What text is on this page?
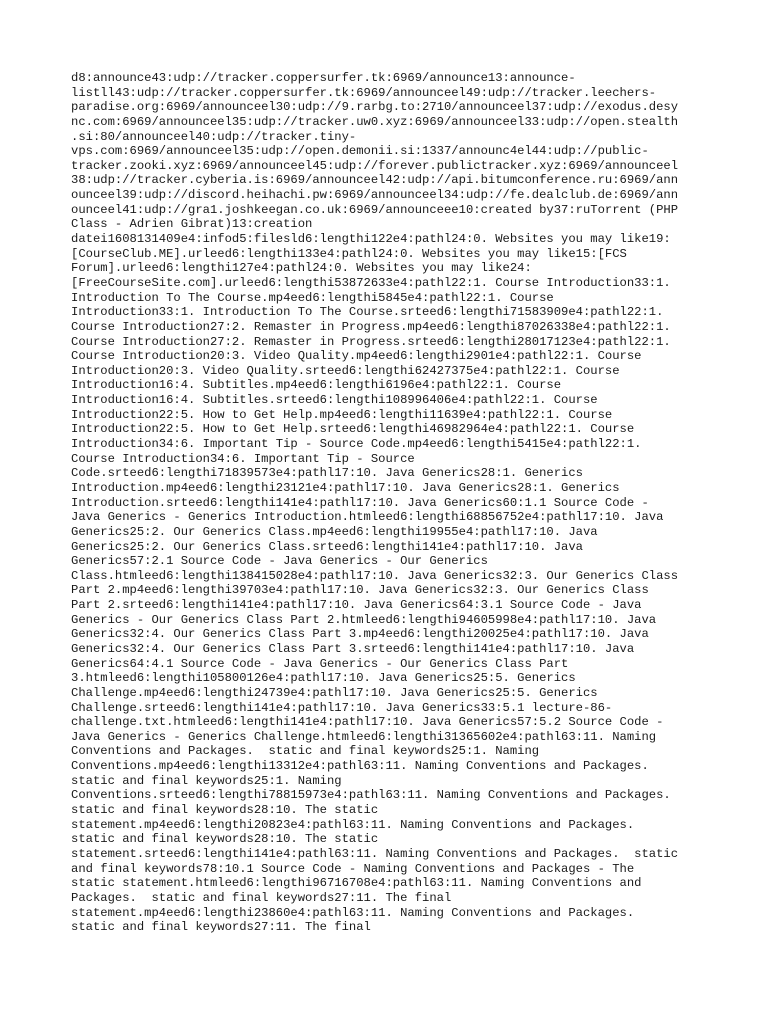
d8:announce43:udp://tracker.coppersurfer.tk:6969/announce13:announce-
listll43:udp://tracker.coppersurfer.tk:6969/announceel49:udp://tracker.leechers-
paradise.org:6969/announceel30:udp://9.rarbg.to:2710/announceel37:udp://exodus.desy
nc.com:6969/announceel35:udp://tracker.uw0.xyz:6969/announceel33:udp://open.stealth
.si:80/announceel40:udp://tracker.tiny-
vps.com:6969/announceel35:udp://open.demonii.si:1337/announc4el44:udp://public-
tracker.zooki.xyz:6969/announceel45:udp://forever.publictracker.xyz:6969/announceel
38:udp://tracker.cyberia.is:6969/announceel42:udp://api.bitumconference.ru:6969/ann
ounceel39:udp://discord.heihachi.pw:6969/announceel34:udp://fe.dealclub.de:6969/ann
ounceel41:udp://gra1.joshkeegan.co.uk:6969/announceee10:created by37:ruTorrent (PHP
Class - Adrien Gibrat)13:creation
datei1608131409e4:infod5:filesld6:lengthi122e4:pathl24:0. Websites you may like19:
[CourseClub.ME].urleed6:lengthi133e4:pathl24:0. Websites you may like15:[FCS
Forum].urleed6:lengthi127e4:pathl24:0. Websites you may like24:
[FreeCourseSite.com].urleed6:lengthi53872633e4:pathl22:1. Course Introduction33:1.
Introduction To The Course.mp4eed6:lengthi5845e4:pathl22:1. Course
Introduction33:1. Introduction To The Course.srteed6:lengthi71583909e4:pathl22:1.
Course Introduction27:2. Remaster in Progress.mp4eed6:lengthi87026338e4:pathl22:1.
Course Introduction27:2. Remaster in Progress.srteed6:lengthi28017123e4:pathl22:1.
Course Introduction20:3. Video Quality.mp4eed6:lengthi2901e4:pathl22:1. Course
Introduction20:3. Video Quality.srteed6:lengthi62427375e4:pathl22:1. Course
Introduction16:4. Subtitles.mp4eed6:lengthi6196e4:pathl22:1. Course
Introduction16:4. Subtitles.srteed6:lengthi108996406e4:pathl22:1. Course
Introduction22:5. How to Get Help.mp4eed6:lengthi11639e4:pathl22:1. Course
Introduction22:5. How to Get Help.srteed6:lengthi46982964e4:pathl22:1. Course
Introduction34:6. Important Tip - Source Code.mp4eed6:lengthi5415e4:pathl22:1.
Course Introduction34:6. Important Tip - Source
Code.srteed6:lengthi71839573e4:pathl17:10. Java Generics28:1. Generics
Introduction.mp4eed6:lengthi23121e4:pathl17:10. Java Generics28:1. Generics
Introduction.srteed6:lengthi141e4:pathl17:10. Java Generics60:1.1 Source Code -
Java Generics - Generics Introduction.htmleed6:lengthi68856752e4:pathl17:10. Java
Generics25:2. Our Generics Class.mp4eed6:lengthi19955e4:pathl17:10. Java
Generics25:2. Our Generics Class.srteed6:lengthi141e4:pathl17:10. Java
Generics57:2.1 Source Code - Java Generics - Our Generics
Class.htmleed6:lengthi138415028e4:pathl17:10. Java Generics32:3. Our Generics Class
Part 2.mp4eed6:lengthi39703e4:pathl17:10. Java Generics32:3. Our Generics Class
Part 2.srteed6:lengthi141e4:pathl17:10. Java Generics64:3.1 Source Code - Java
Generics - Our Generics Class Part 2.htmleed6:lengthi94605998e4:pathl17:10. Java
Generics32:4. Our Generics Class Part 3.mp4eed6:lengthi20025e4:pathl17:10. Java
Generics32:4. Our Generics Class Part 3.srteed6:lengthi141e4:pathl17:10. Java
Generics64:4.1 Source Code - Java Generics - Our Generics Class Part
3.htmleed6:lengthi105800126e4:pathl17:10. Java Generics25:5. Generics
Challenge.mp4eed6:lengthi24739e4:pathl17:10. Java Generics25:5. Generics
Challenge.srteed6:lengthi141e4:pathl17:10. Java Generics33:5.1 lecture-86-
challenge.txt.htmleed6:lengthi141e4:pathl17:10. Java Generics57:5.2 Source Code -
Java Generics - Generics Challenge.htmleed6:lengthi31365602e4:pathl63:11. Naming
Conventions and Packages.  static and final keywords25:1. Naming
Conventions.mp4eed6:lengthi13312e4:pathl63:11. Naming Conventions and Packages.
static and final keywords25:1. Naming
Conventions.srteed6:lengthi78815973e4:pathl63:11. Naming Conventions and Packages.
static and final keywords28:10. The static
statement.mp4eed6:lengthi20823e4:pathl63:11. Naming Conventions and Packages.
static and final keywords28:10. The static
statement.srteed6:lengthi141e4:pathl63:11. Naming Conventions and Packages.  static
and final keywords78:10.1 Source Code - Naming Conventions and Packages - The
static statement.htmleed6:lengthi96716708e4:pathl63:11. Naming Conventions and
Packages.  static and final keywords27:11. The final
statement.mp4eed6:lengthi23860e4:pathl63:11. Naming Conventions and Packages.
static and final keywords27:11. The final
